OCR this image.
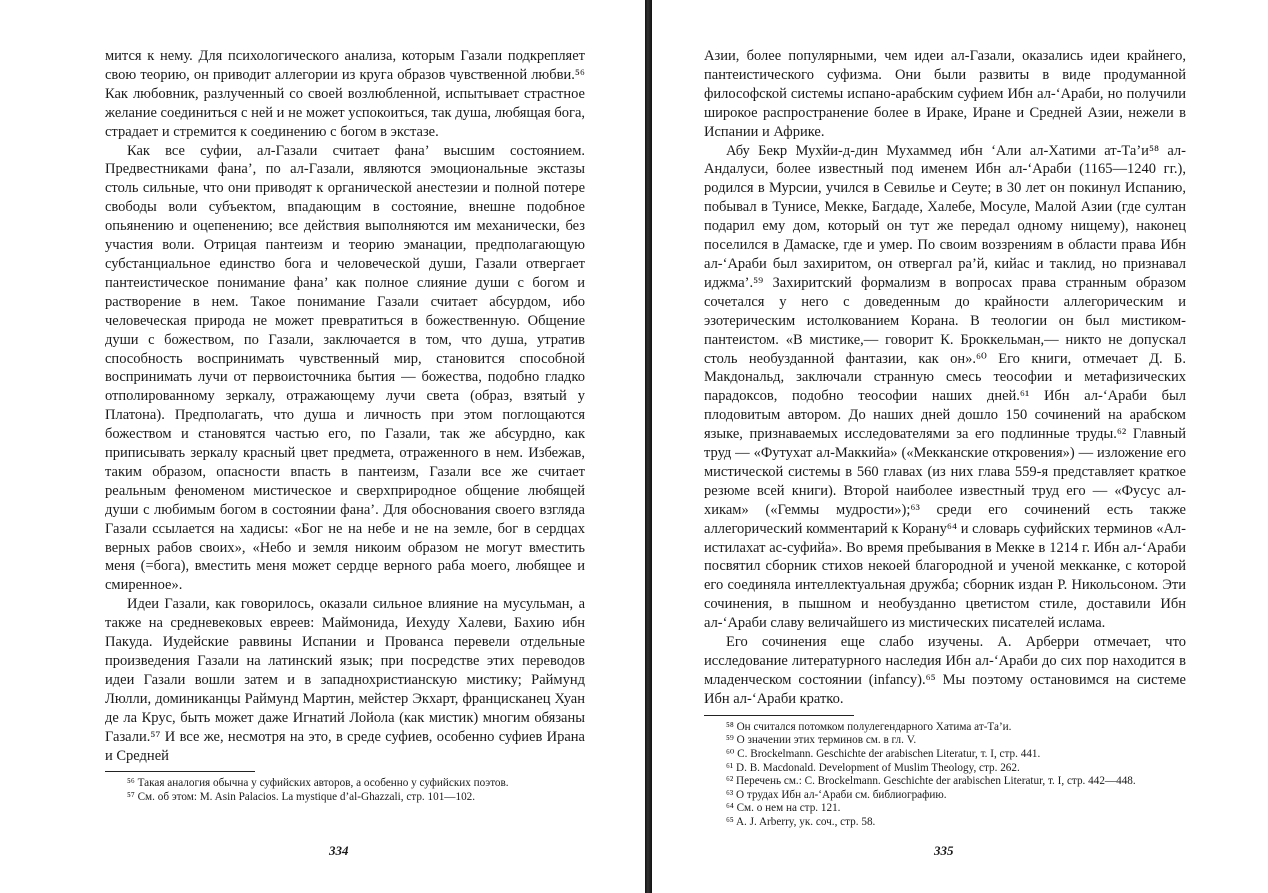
мится к нему. Для психологического анализа, которым Газали подкрепляет свою теорию, он приводит аллегории из круга образов чувственной любви.⁵⁶ Как любовник, разлученный со своей возлюбленной, испытывает страстное желание соединиться с ней и не может успокоиться, так душа, любящая бога, страдает и стремится к соединению с богом в экстазе.

Как все суфии, ал-Газали считает фана’ высшим состоянием. Предвестниками фана’, по ал-Газали, являются эмоциональные экстазы столь сильные, что они приводят к органической анестезии и полной потере свободы воли субъектом, впадающим в состояние, внешне подобное опьянению и оцепенению; все действия выполняются им механически, без участия воли. Отрицая пантеизм и теорию эманации, предполагающую субстанциальное единство бога и человеческой души, Газали отвергает пантеистическое понимание фана’ как полное слияние души с богом и растворение в нем. Такое понимание Газали считает абсурдом, ибо человеческая природа не может превратиться в божественную. Общение души с божеством, по Газали, заключается в том, что душа, утратив способность воспринимать чувственный мир, становится способной воспринимать лучи от первоисточника бытия — божества, подобно гладко отполированному зеркалу, отражающему лучи света (образ, взятый у Платона). Предполагать, что душа и личность при этом поглощаются божеством и становятся частью его, по Газали, так же абсурдно, как приписывать зеркалу красный цвет предмета, отраженного в нем. Избежав, таким образом, опасности впасть в пантеизм, Газали все же считает реальным феноменом мистическое и сверхприродное общение любящей души с любимым богом в состоянии фана’. Для обоснования своего взгляда Газали ссылается на хадисы: «Бог не на небе и не на земле, бог в сердцах верных рабов своих», «Небо и земля никоим образом не могут вместить меня (=бога), вместить меня может сердце верного раба моего, любящее и смиренное».

Идеи Газали, как говорилось, оказали сильное влияние на мусульман, а также на средневековых евреев: Маймонида, Иехуду Халеви, Бахию ибн Пакуда. Иудейские раввины Испании и Прованса перевели отдельные произведения Газали на латинский язык; при посредстве этих переводов идеи Газали вошли затем и в западнохристианскую мистику; Раймунд Люлли, доминиканцы Раймунд Мартин, мейстер Экхарт, францисканец Хуан де ла Крус, быть может даже Игнатий Лойола (как мистик) многим обязаны Газали.⁵⁷ И все же, несмотря на это, в среде суфиев, особенно суфиев Ирана и Средней

⁵⁶ Такая аналогия обычна у суфийских авторов, а особенно у суфийских поэтов.

⁵⁷ См. об этом: M. Asin Palacios. La mystique d’al-Ghazzali, стр. 101—102.

334

Азии, более популярными, чем идеи ал-Газали, оказались идеи крайнего, пантеистического суфизма. Они были развиты в виде продуманной философской системы испано-арабским суфием Ибн ал-‘Араби, но получили широкое распространение более в Ираке, Иране и Средней Азии, нежели в Испании и Африке.

Абу Бекр Мухйи-д-дин Мухаммед ибн ‘Али ал-Хатими ат-Та’и⁵⁸ ал-Андалуси, более известный под именем Ибн ал-‘Араби (1165—1240 гг.), родился в Мурсии, учился в Севилье и Сеуте; в 30 лет он покинул Испанию, побывал в Тунисе, Мекке, Багдаде, Халебе, Мосуле, Малой Азии (где султан подарил ему дом, который он тут же передал одному нищему), наконец поселился в Дамаске, где и умер. По своим воззрениям в области права Ибн ал-‘Араби был захиритом, он отвергал ра’й, кийас и таклид, но признавал иджма’.⁵⁹ Захиритский формализм в вопросах права странным образом сочетался у него с доведенным до крайности аллегорическим и эзотерическим истолкованием Корана. В теологии он был мистиком-пантеистом. «В мистике,— говорит К. Броккельман,— никто не допускал столь необузданной фантазии, как он».⁶⁰ Его книги, отмечает Д. Б. Макдональд, заключали странную смесь теософии и метафизических парадоксов, подобно теософии наших дней.⁶¹ Ибн ал-‘Араби был плодовитым автором. До наших дней дошло 150 сочинений на арабском языке, признаваемых исследователями за его подлинные труды.⁶² Главный труд — «Футухат ал-Маккийа» («Мекканские откровения») — изложение его мистической системы в 560 главах (из них глава 559-я представляет краткое резюме всей книги). Второй наиболее известный труд его — «Фусус ал-хикам» («Геммы мудрости»);⁶³ среди его сочинений есть также аллегорический комментарий к Корану⁶⁴ и словарь суфийских терминов «Ал-истилахат ас-суфийа». Во время пребывания в Мекке в 1214 г. Ибн ал-‘Араби посвятил сборник стихов некоей благородной и ученой мекканке, с которой его соединяла интеллектуальная дружба; сборник издан Р. Никольсоном. Эти сочинения, в пышном и необузданно цветистом стиле, доставили Ибн ал-‘Араби славу величайшего из мистических писателей ислама.

Его сочинения еще слабо изучены. А. Арберри отмечает, что исследование литературного наследия Ибн ал-‘Араби до сих пор находится в младенческом состоянии (infancy).⁶⁵ Мы поэтому остановимся на системе Ибн ал-‘Араби кратко.

⁵⁸ Он считался потомком полулегендарного Хатима ат-Та’и.

⁵⁹ О значении этих терминов см. в гл. V.

⁶⁰ C. Brockelmann. Geschichte der arabischen Literatur, т. I, стр. 441.

⁶¹ D. B. Macdonald. Development of Muslim Theology, стр. 262.

⁶² Перечень см.: C. Brockelmann. Geschichte der arabischen Literatur, т. I, стр. 442—448.

⁶³ О трудах Ибн ал-‘Араби см. библиографию.

⁶⁴ См. о нем на стр. 121.

⁶⁵ A. J. Arberry, ук. соч., стр. 58.

335
